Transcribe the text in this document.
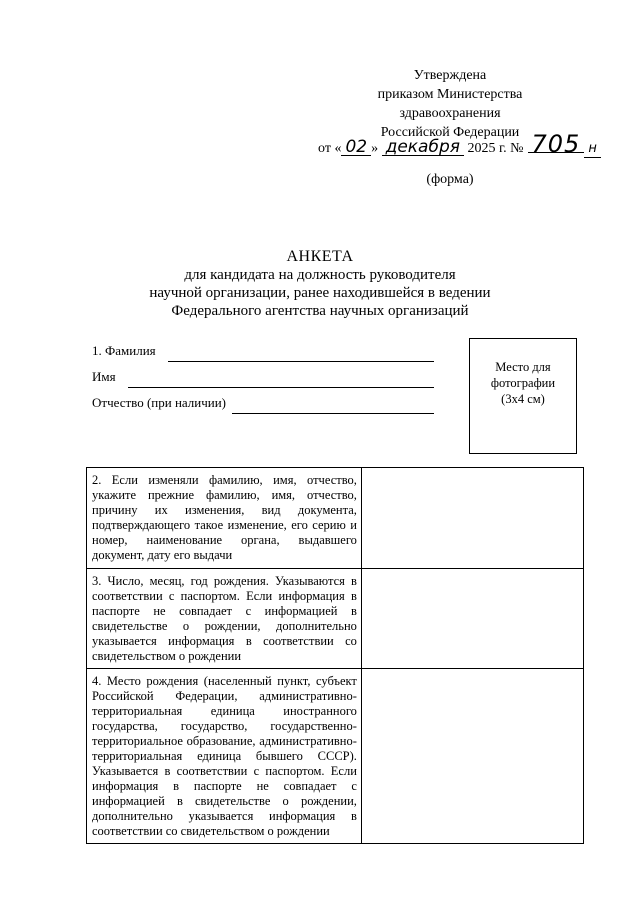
Утверждена
приказом Министерства
здравоохранения
Российской Федерации
от « 02 » декабря 2025 г. № 705 н
(форма)
АНКЕТА
для кандидата на должность руководителя
научной организации, ранее находившейся в ведении
Федерального агентства научных организаций
1. Фамилия
Имя
Отчество (при наличии)
Место для
фотографии
(3х4 см)
2. Если изменяли фамилию, имя, отчество, укажите прежние фамилию, имя, отчество, причину их изменения, вид документа, подтверждающего такое изменение, его серию и номер, наименование органа, выдавшего документ, дату его выдачи	
3. Число, месяц, год рождения. Указываются в соответствии с паспортом. Если информация в паспорте не совпадает с информацией в свидетельстве о рождении, дополнительно указывается информация в соответствии со свидетельством о рождении	
4. Место рождения (населенный пункт, субъект Российской Федерации, административно-территориальная единица иностранного государства, государство, государственно-территориальное образование, административно-территориальная единица бывшего СССР). Указывается в соответствии с паспортом. Если информация в паспорте не совпадает с информацией в свидетельстве о рождении, дополнительно указывается информация в соответствии со свидетельством о рождении	
